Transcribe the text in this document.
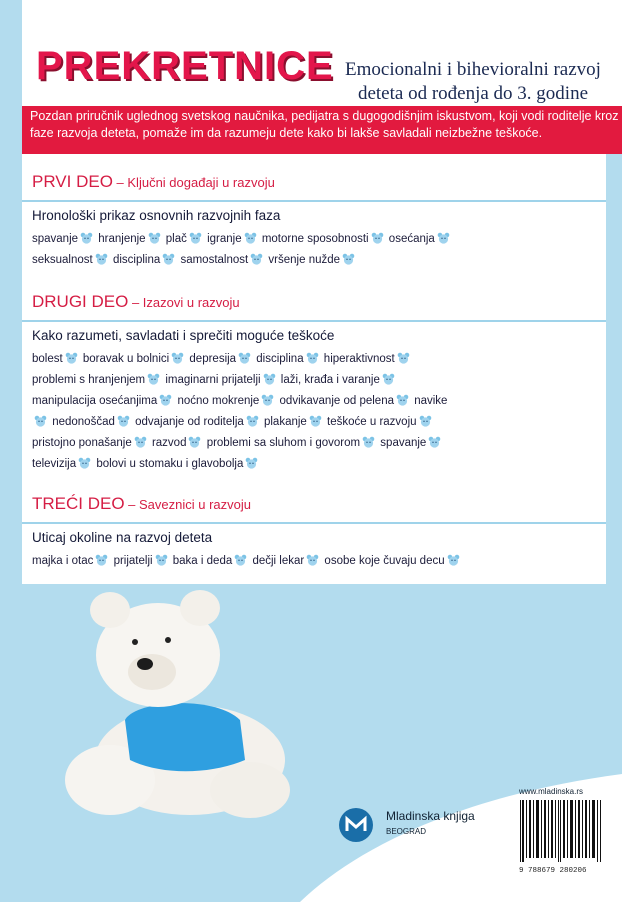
PREKRETNICE Emocionalni i bihevioralni razvoj deteta od rođenja do 3. godine
Pozdan priručnik uglednog svetskog naučnika, pedijatra s dugogodišnjim iskustvom, koji vodi roditelje kroz faze razvoja deteta, pomaže im da razumeju dete kako bi lakše savladali neizbežne teškoće.
PRVI DEO – Ključni događaji u razvoju
Hronološki prikaz osnovnih razvojnih faza
spavanje hranjenje plač igranje motorne sposobnosti osećanja seksualnost disciplina samostalnost vršenje nužde
DRUGI DEO – Izazovi u razvoju
Kako razumeti, savladati i sprečiti moguće teškoće
bolest boravak u bolnici depresija disciplina hiperaktivnost problemi s hranjenjem imaginarni prijatelji laži, krađa i varanje manipulacija osećanjima noćno mokrenje odvikavanje od pelena navike nedonoščad odvajanje od roditelja plakanje teškoće u razvoju pristojno ponašanje razvod problemi sa sluhom i govorom spavanje televizija bolovi u stomaku i glavobolja
TREĆI DEO – Saveznici u razvoju
Uticaj okoline na razvoj deteta
majka i otac prijatelji baka i deda dečji lekar osobe koje čuvaju decu
www.mladinska.rs
Mladinska knjiga
BEOGRAD
9 788679 280206
